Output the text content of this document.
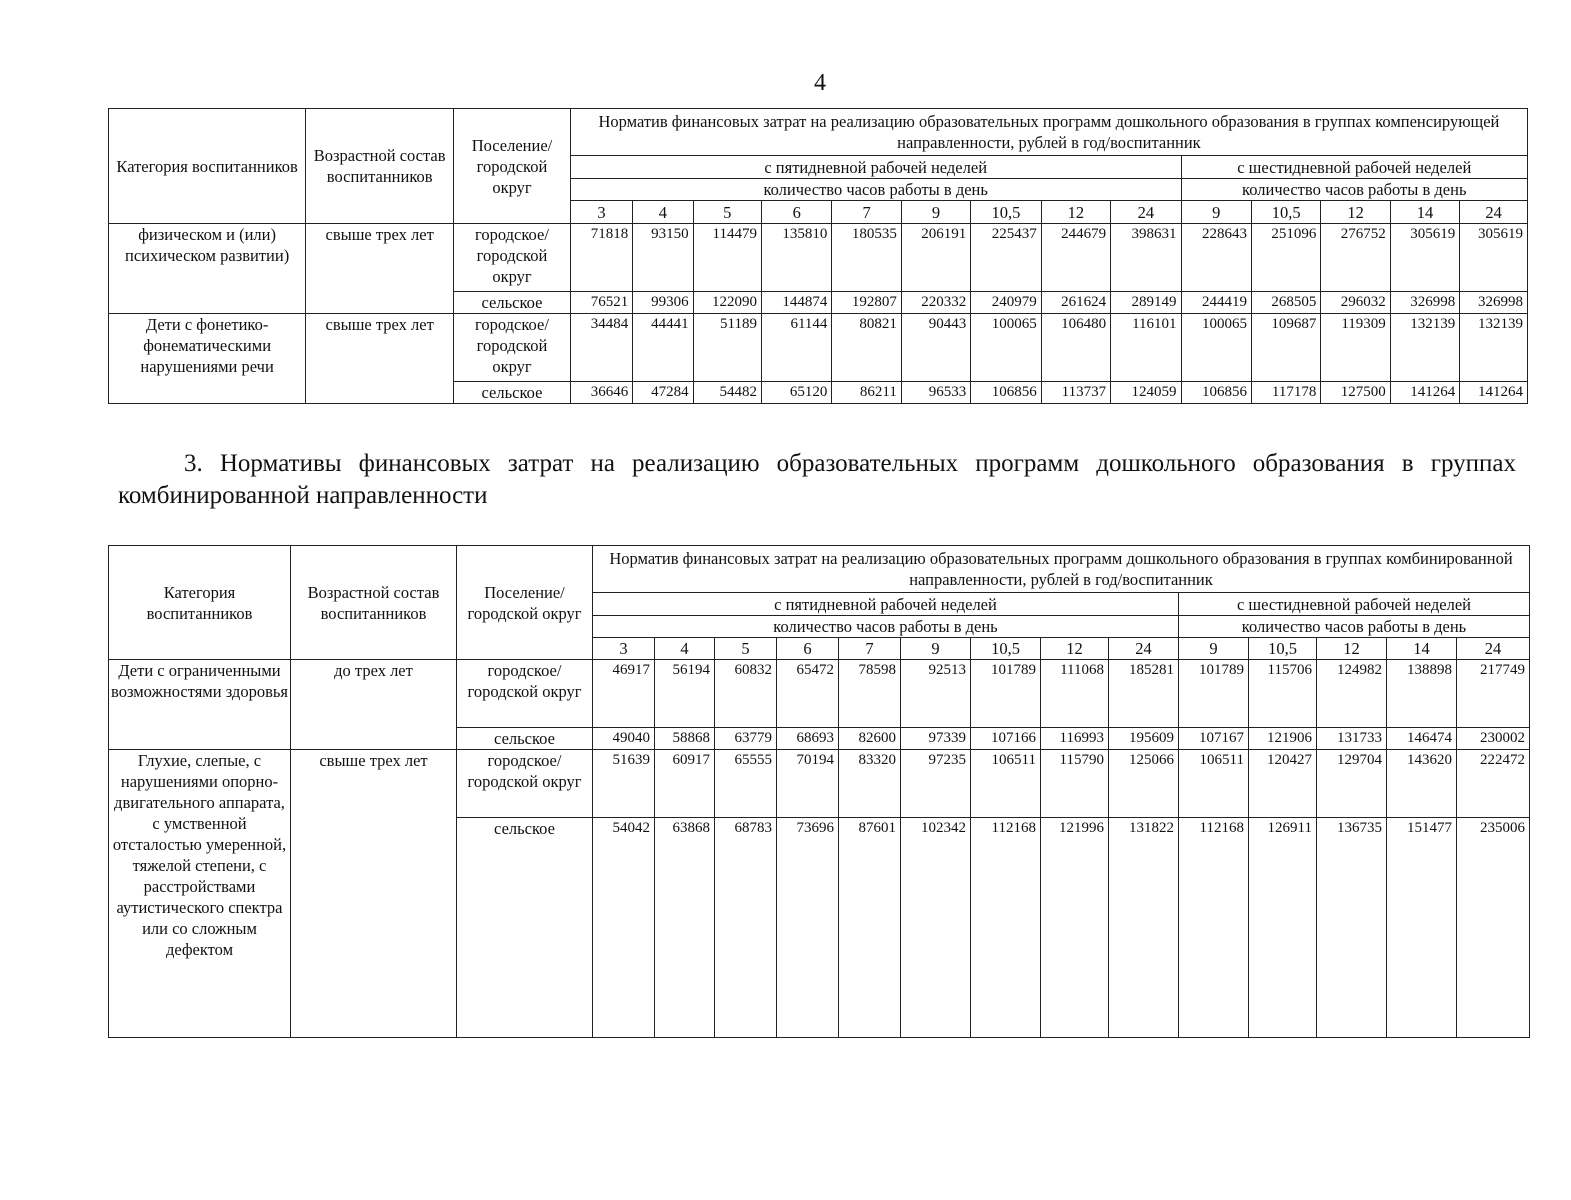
4
Категория воспитанников	Возрастной состав воспитанников	Поселение/ городской округ	Норматив финансовых затрат на реализацию образовательных программ дошкольного образования в группах компенсирующей направленности, рублей в год/воспитанник													
			с пятидневной рабочей неделей									с шестидневной рабочей неделей				
			количество часов работы в день									количество часов работы в день				
			3	4	5	6	7	9	10,5	12	24	9	10,5	12	14	24
физическом и (или) психическом развитии)	свыше трех лет	городское/ городской округ	71818	93150	114479	135810	180535	206191	225437	244679	398631	228643	251096	276752	305619	305619
		сельское	76521	99306	122090	144874	192807	220332	240979	261624	289149	244419	268505	296032	326998	326998
Дети с фонетико-фонематическими нарушениями речи	свыше трех лет	городское/ городской округ	34484	44441	51189	61144	80821	90443	100065	106480	116101	100065	109687	119309	132139	132139
		сельское	36646	47284	54482	65120	86211	96533	106856	113737	124059	106856	117178	127500	141264	141264
3. Нормативы финансовых затрат на реализацию образовательных программ дошкольного образования в группах комбинированной направленности
Категория воспитанников	Возрастной состав воспитанников	Поселение/ городской округ	Норматив финансовых затрат на реализацию образовательных программ дошкольного образования в группах комбинированной направленности, рублей в год/воспитанник													
			с пятидневной рабочей неделей									с шестидневной рабочей неделей				
			количество часов работы в день									количество часов работы в день				
			3	4	5	6	7	9	10,5	12	24	9	10,5	12	14	24
Дети с ограниченными возможностями здоровья	до трех лет	городское/ городской округ	46917	56194	60832	65472	78598	92513	101789	111068	185281	101789	115706	124982	138898	217749
		сельское	49040	58868	63779	68693	82600	97339	107166	116993	195609	107167	121906	131733	146474	230002
Глухие, слепые, с нарушениями опорно-двигательного аппарата, с умственной отсталостью умеренной, тяжелой степени, с расстройствами аутистического спектра или со сложным дефектом	свыше трех лет	городское/ городской округ	51639	60917	65555	70194	83320	97235	106511	115790	125066	106511	120427	129704	143620	222472
		сельское	54042	63868	68783	73696	87601	102342	112168	121996	131822	112168	126911	136735	151477	235006
